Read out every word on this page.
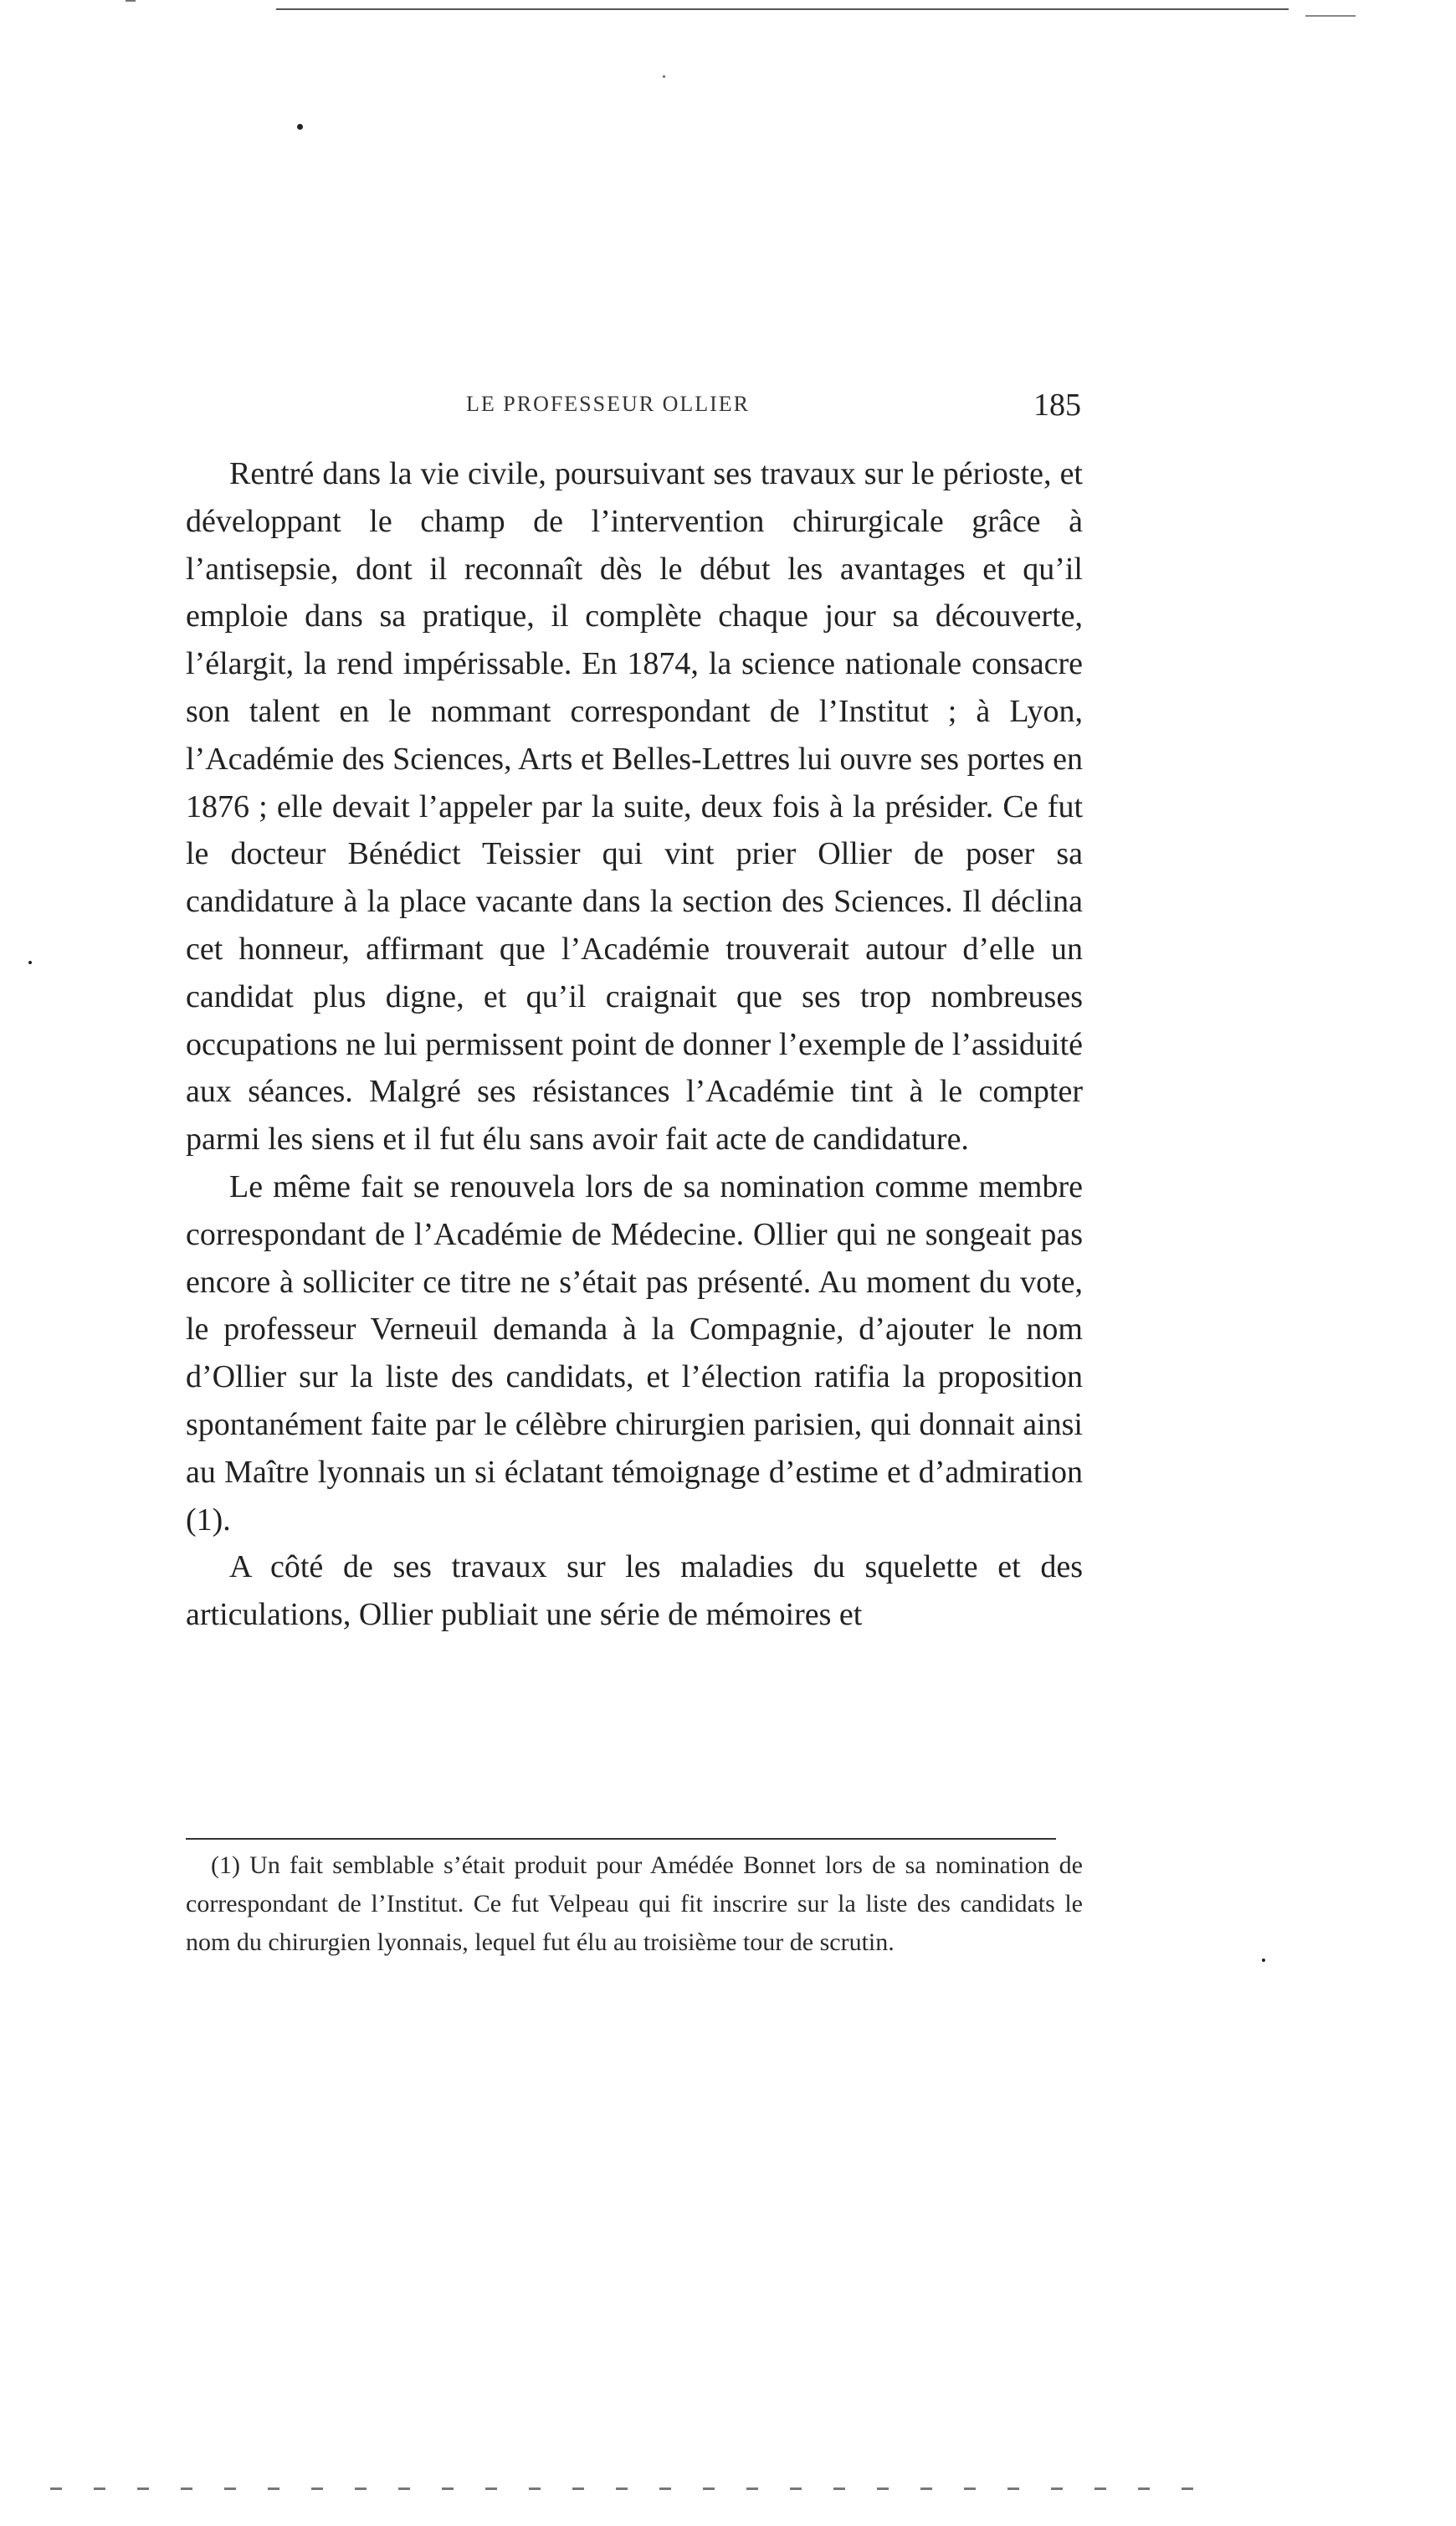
LE PROFESSEUR OLLIER	185

Rentré dans la vie civile, poursuivant ses travaux sur le périoste, et développant le champ de l’intervention chirurgicale grâce à l’antisepsie, dont il reconnaît dès le début les avantages et qu’il emploie dans sa pratique, il complète chaque jour sa découverte, l’élargit, la rend impérissable. En 1874, la science nationale consacre son talent en le nommant correspondant de l’Institut ; à Lyon, l’Académie des Sciences, Arts et Belles-Lettres lui ouvre ses portes en 1876 ; elle devait l’appeler par la suite, deux fois à la présider. Ce fut le docteur Bénédict Teissier qui vint prier Ollier de poser sa candidature à la place vacante dans la section des Sciences. Il déclina cet honneur, affirmant que l’Académie trouverait autour d’elle un candidat plus digne, et qu’il craignait que ses trop nombreuses occupations ne lui permissent point de donner l’exemple de l’assiduité aux séances. Malgré ses résistances l’Académie tint à le compter parmi les siens et il fut élu sans avoir fait acte de candidature.

Le même fait se renouvela lors de sa nomination comme membre correspondant de l’Académie de Médecine. Ollier qui ne songeait pas encore à solliciter ce titre ne s’était pas présenté. Au moment du vote, le professeur Verneuil demanda à la Compagnie, d’ajouter le nom d’Ollier sur la liste des candidats, et l’élection ratifia la proposition spontanément faite par le célèbre chirurgien parisien, qui donnait ainsi au Maître lyonnais un si éclatant témoignage d’estime et d’admiration (1).

A côté de ses travaux sur les maladies du squelette et des articulations, Ollier publiait une série de mémoires et

(1) Un fait semblable s’était produit pour Amédée Bonnet lors de sa nomination de correspondant de l’Institut. Ce fut Velpeau qui fit inscrire sur la liste des candidats le nom du chirurgien lyonnais, lequel fut élu au troisième tour de scrutin.
